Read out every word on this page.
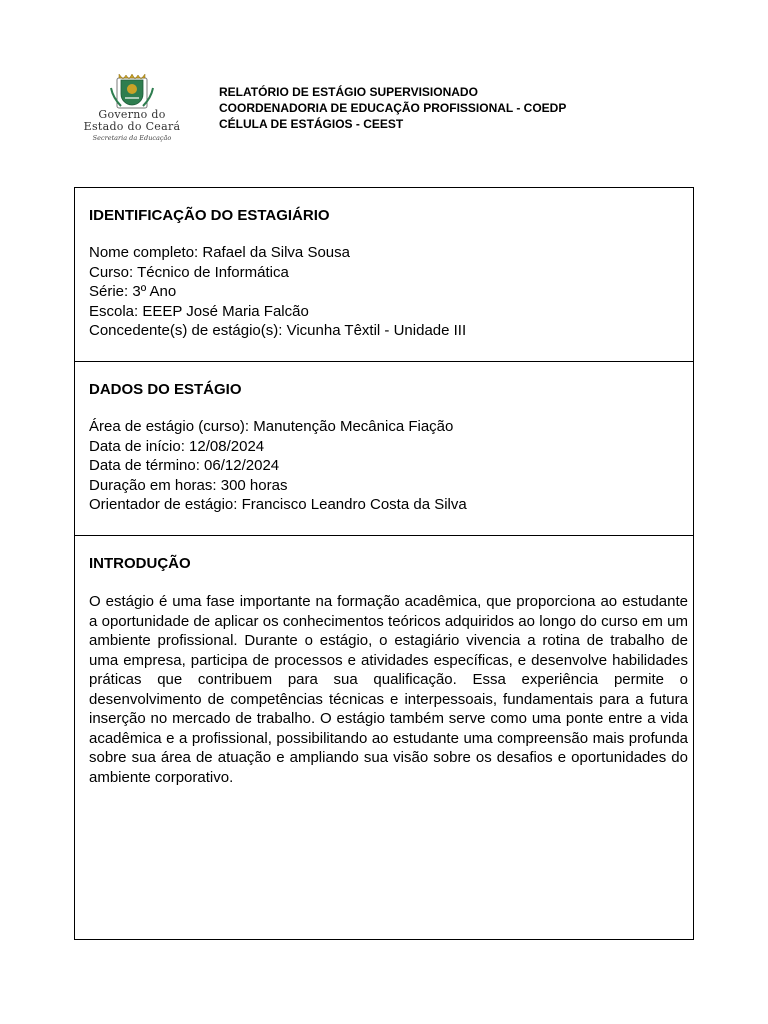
Governo do
Estado do Ceará
Secretaria da Educação
RELATÓRIO DE ESTÁGIO SUPERVISIONADO
COORDENADORIA DE EDUCAÇÃO PROFISSIONAL - COEDP
CÉLULA DE ESTÁGIOS - CEEST
IDENTIFICAÇÃO DO ESTAGIÁRIO
Nome completo: Rafael da Silva Sousa
Curso: Técnico de Informática
Série: 3º Ano
Escola: EEEP José Maria Falcão
Concedente(s) de estágio(s): Vicunha Têxtil - Unidade III
DADOS DO ESTÁGIO
Área de estágio (curso): Manutenção Mecânica Fiação
Data de início: 12/08/2024
Data de término: 06/12/2024
Duração em horas: 300 horas
Orientador de estágio: Francisco Leandro Costa da Silva
INTRODUÇÃO
O estágio é uma fase importante na formação acadêmica, que proporciona ao estudante a oportunidade de aplicar os conhecimentos teóricos adquiridos ao longo do curso em um ambiente profissional. Durante o estágio, o estagiário vivencia a rotina de trabalho de uma empresa, participa de processos e atividades específicas, e desenvolve habilidades práticas que contribuem para sua qualificação. Essa experiência permite o desenvolvimento de competências técnicas e interpessoais, fundamentais para a futura inserção no mercado de trabalho. O estágio também serve como uma ponte entre a vida acadêmica e a profissional, possibilitando ao estudante uma compreensão mais profunda sobre sua área de atuação e ampliando sua visão sobre os desafios e oportunidades do ambiente corporativo.
